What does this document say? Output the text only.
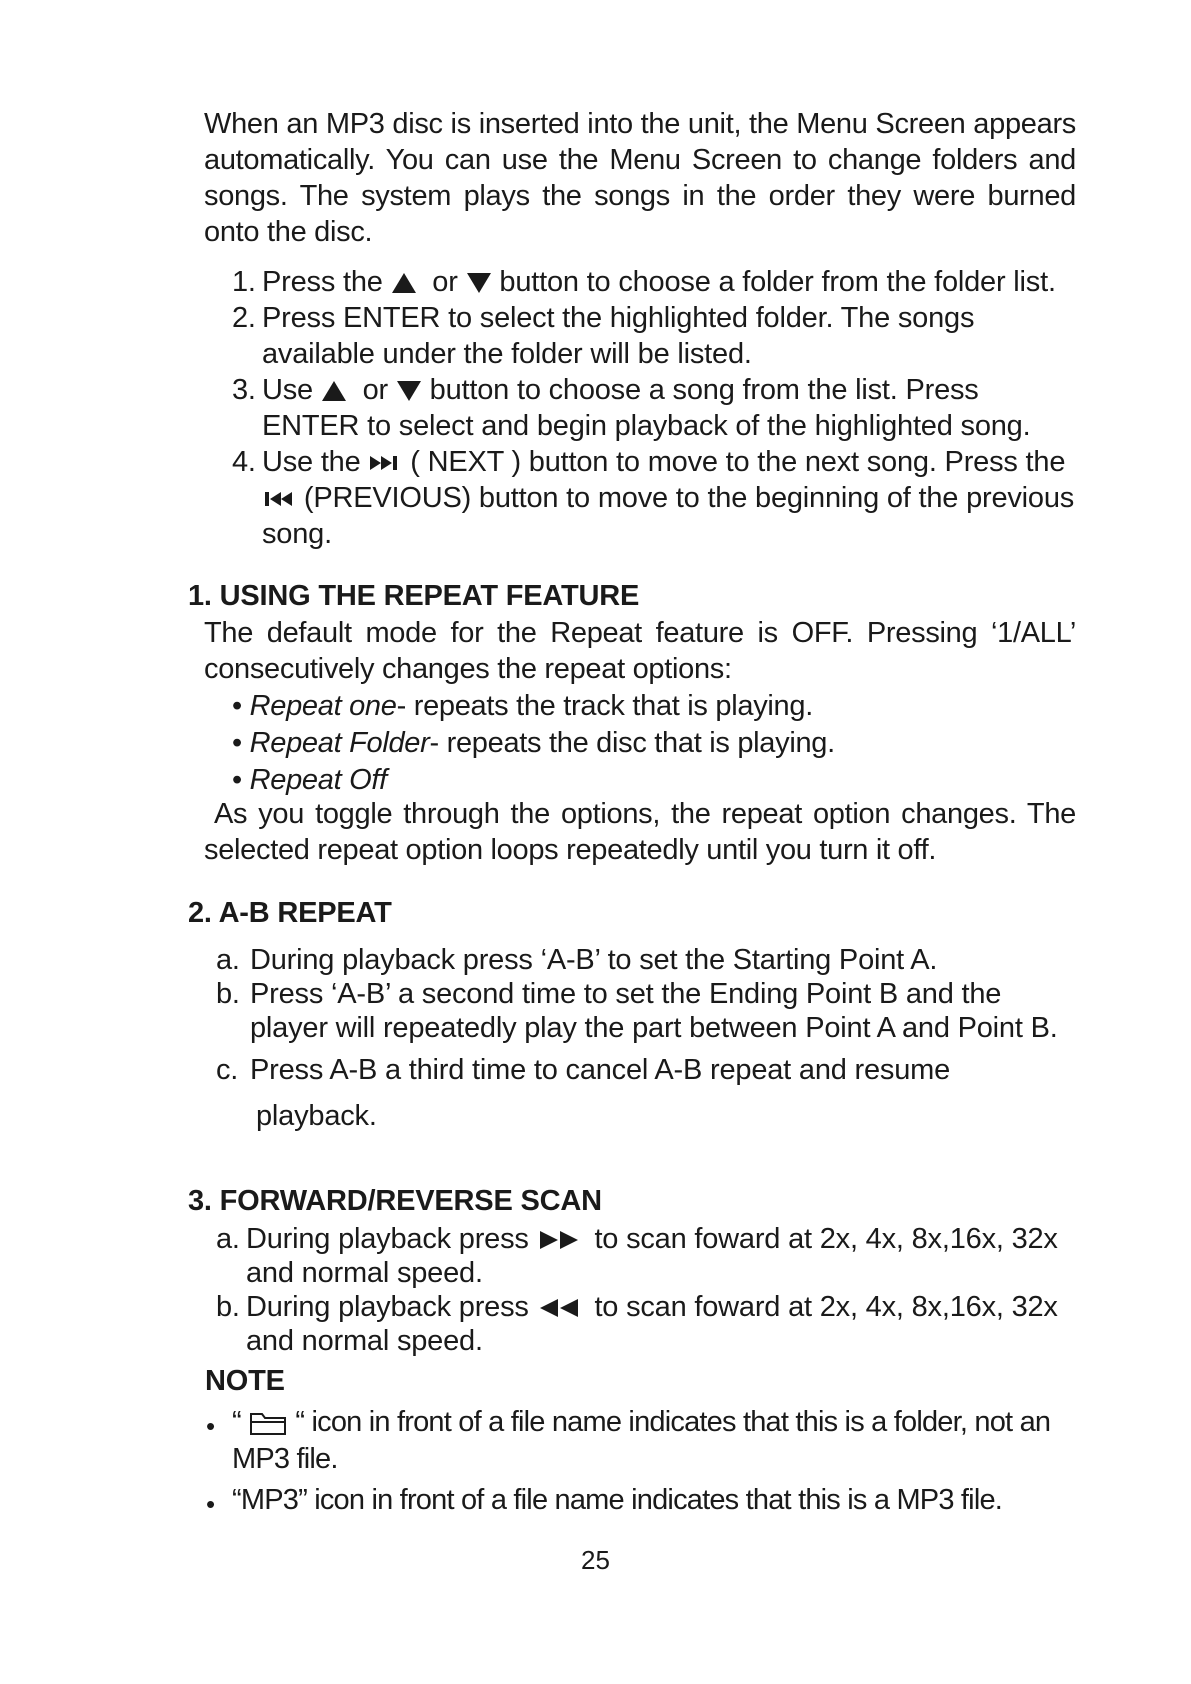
When an MP3 disc is inserted into the unit, the Menu Screen appears automatically. You can use the Menu Screen to change folders and songs. The system plays the songs in the order they were burned onto the disc.
1. Press the or button to choose a folder from the folder list.
2. Press ENTER to select the highlighted folder. The songs available under the folder will be listed.
3. Use or button to choose a song from the list. Press ENTER to select and begin playback of the highlighted song.
4. Use the ( NEXT ) button to move to the next song. Press the
(PREVIOUS) button to move to the beginning of the previous song.
1. USING THE REPEAT FEATURE
The default mode for the Repeat feature is OFF. Pressing ‘1/ALL’ consecutively changes the repeat options:
• Repeat one- repeats the track that is playing.
• Repeat Folder- repeats the disc that is playing.
• Repeat Off
As you toggle through the options, the repeat option changes. The selected repeat option loops repeatedly until you turn it off.
2. A-B REPEAT
a. During playback press ‘A-B’ to set the Starting Point A.
b. Press ‘A-B’ a second time to set the Ending Point B and the player will repeatedly play the part between Point A and Point B.
c. Press A-B a third time to cancel A-B repeat and resume
playback.
3. FORWARD/REVERSE SCAN
a. During playback press to scan foward at 2x, 4x, 8x,16x, 32x and normal speed.
b. During playback press to scan foward at 2x, 4x, 8x,16x, 32x and normal speed.
NOTE
• “ “ icon in front of a file name indicates that this is a folder, not an MP3 file.
• “MP3” icon in front of a file name indicates that this is a MP3 file.
25
